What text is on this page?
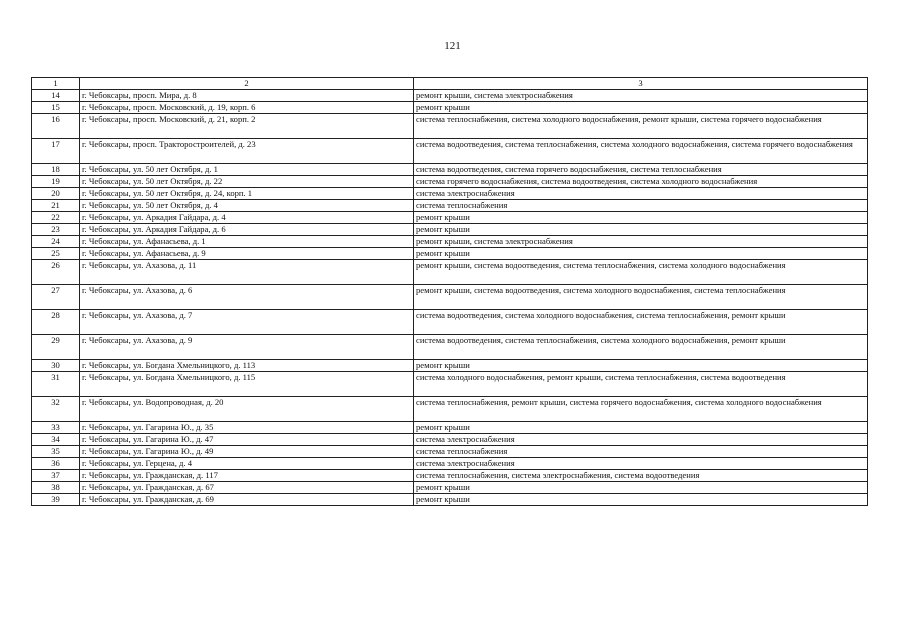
121
1	2	3
14	г. Чебоксары, просп. Мира, д. 8	ремонт крыши, система электроснабжения
15	г. Чебоксары, просп. Московский, д. 19, корп. 6	ремонт крыши
16	г. Чебоксары, просп. Московский, д. 21, корп. 2	система теплоснабжения, система холодного водоснабжения, ремонт крыши, система горячего водоснабжения
17	г. Чебоксары, просп. Тракторостроителей, д. 23	система водоотведения, система теплоснабжения, система холодного водоснабжения, система горячего водоснабжения
18	г. Чебоксары, ул. 50 лет Октября, д. 1	система водоотведения, система горячего водоснабжения, система теплоснабжения
19	г. Чебоксары, ул. 50 лет Октября, д. 22	система горячего водоснабжения, система водоотведения, система холодного водоснабжения
20	г. Чебоксары, ул. 50 лет Октября, д. 24, корп. 1	система электроснабжения
21	г. Чебоксары, ул. 50 лет Октября, д. 4	система теплоснабжения
22	г. Чебоксары, ул. Аркадия Гайдара, д. 4	ремонт крыши
23	г. Чебоксары, ул. Аркадия Гайдара, д. 6	ремонт крыши
24	г. Чебоксары, ул. Афанасьева, д. 1	ремонт крыши, система электроснабжения
25	г. Чебоксары, ул. Афанасьева, д. 9	ремонт крыши
26	г. Чебоксары, ул. Ахазова, д. 11	ремонт крыши, система водоотведения, система теплоснабжения, система холодного водоснабжения
27	г. Чебоксары, ул. Ахазова, д. 6	ремонт крыши, система водоотведения, система холодного водоснабжения, система теплоснабжения
28	г. Чебоксары, ул. Ахазова, д. 7	система водоотведения, система холодного водоснабжения, система теплоснабжения, ремонт крыши
29	г. Чебоксары, ул. Ахазова, д. 9	система водоотведения, система теплоснабжения, система холодного водоснабжения, ремонт крыши
30	г. Чебоксары, ул. Богдана Хмельницкого, д. 113	ремонт крыши
31	г. Чебоксары, ул. Богдана Хмельницкого, д. 115	система холодного водоснабжения, ремонт крыши, система теплоснабжения, система водоотведения
32	г. Чебоксары, ул. Водопроводная, д. 20	система теплоснабжения, ремонт крыши, система горячего водоснабжения, система холодного водоснабжения
33	г. Чебоксары, ул. Гагарина Ю., д. 35	ремонт крыши
34	г. Чебоксары, ул. Гагарина Ю., д. 47	система электроснабжения
35	г. Чебоксары, ул. Гагарина Ю., д. 49	система теплоснабжения
36	г. Чебоксары, ул. Герцена, д. 4	система электроснабжения
37	г. Чебоксары, ул. Гражданская, д. 117	система теплоснабжения, система электроснабжения, система водоотведения
38	г. Чебоксары, ул. Гражданская, д. 67	ремонт крыши
39	г. Чебоксары, ул. Гражданская, д. 69	ремонт крыши
